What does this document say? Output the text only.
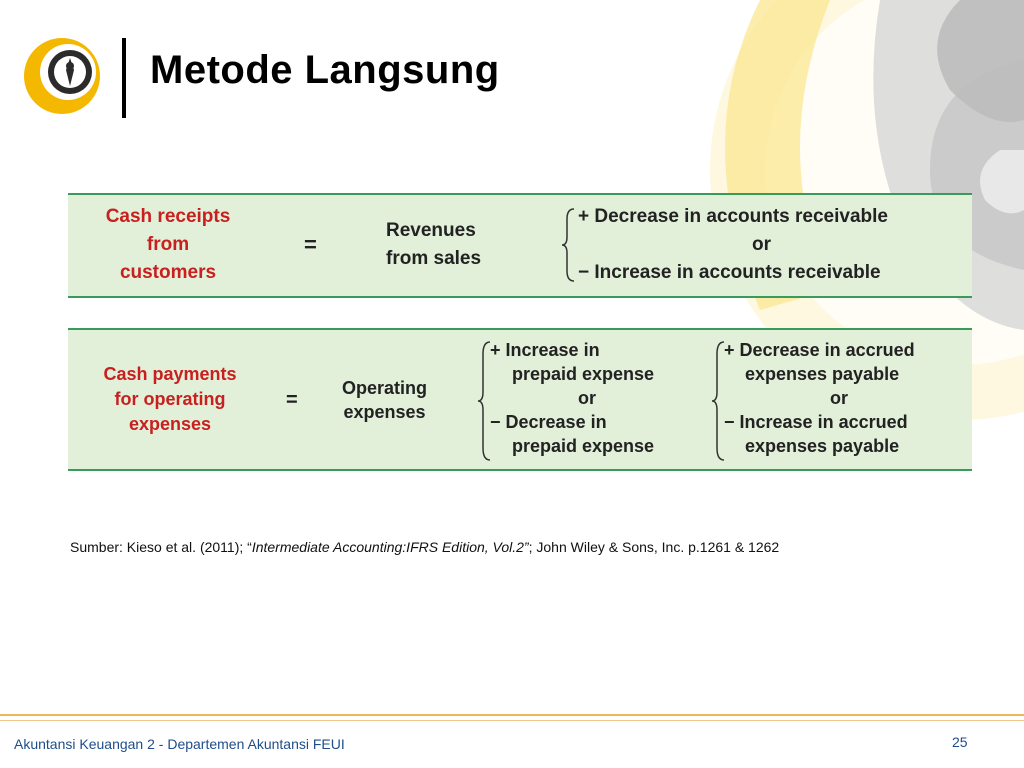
Metode Langsung
Cash receipts
from
customers
=
Revenues
from sales
+ Decrease in accounts receivable
or
− Increase in accounts receivable
Cash payments
for operating
expenses
=
Operating
expenses
+ Increase in
prepaid expense
or
− Decrease in
prepaid expense
+ Decrease in accrued
expenses payable
or
− Increase in accrued
expenses payable
Sumber: Kieso et al. (2011); “Intermediate Accounting:IFRS Edition, Vol.2”; John Wiley & Sons, Inc. p.1261 & 1262
Akuntansi Keuangan 2 - Departemen Akuntansi FEUI	25
